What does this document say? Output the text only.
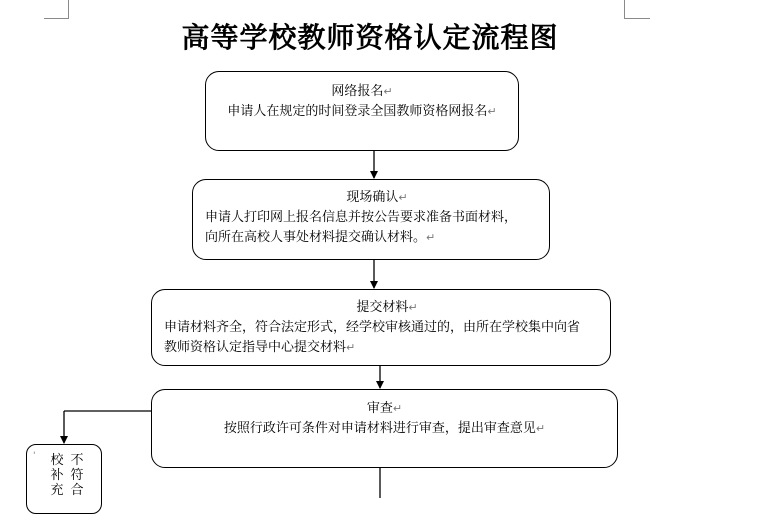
高等学校教师资格认定流程图
网络报名↵
申请人在规定的时间登录全国教师资格网报名↵
现场确认↵
申请人打印网上报名信息并按公告要求准备书面材料，
向所在高校人事处材料提交确认材料。↵
提交材料↵
申请材料齐全，符合法定形式，经学校审核通过的，由所在学校集中向省
教师资格认定指导中心提交材料↵
审查↵
按照行政许可条件对申请材料进行审查，提出审查意见↵
' 校补充
不符合
